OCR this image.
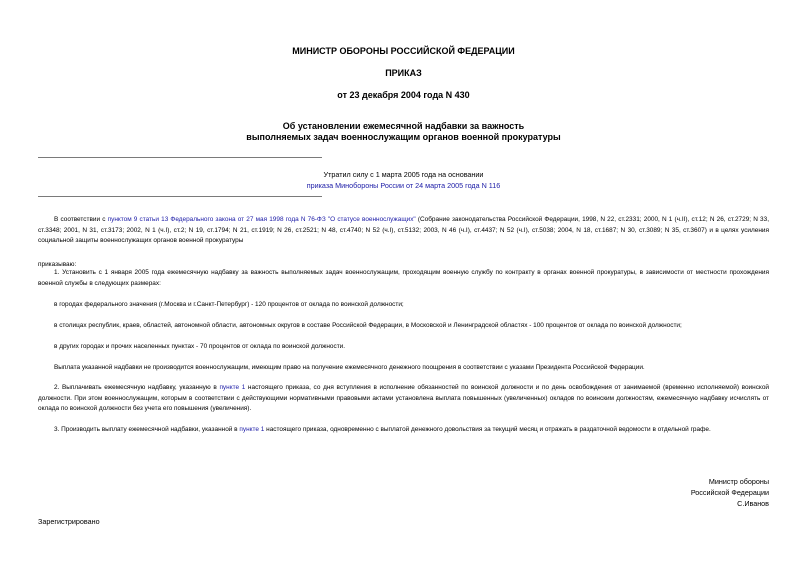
МИНИСТР ОБОРОНЫ РОССИЙСКОЙ ФЕДЕРАЦИИ
ПРИКАЗ
от 23 декабря 2004 года N 430
Об установлении ежемесячной надбавки за важность
выполняемых задач военнослужащим органов военной прокуратуры
Утратил силу с 1 марта 2005 года на основании
приказа Минобороны России от 24 марта 2005 года N 116

В соответствии с пунктом 9 статьи 13 Федерального закона от 27 мая 1998 года N 76-ФЗ "О статусе военнослужащих" (Собрание законодательства Российской Федерации, 1998, N 22, ст.2331; 2000, N 1 (ч.II), ст.12; N 26, ст.2729; N 33, ст.3348; 2001, N 31, ст.3173; 2002, N 1 (ч.I), ст.2; N 19, ст.1794; N 21, ст.1919; N 26, ст.2521; N 48, ст.4740; N 52 (ч.I), ст.5132; 2003, N 46 (ч.I), ст.4437; N 52 (ч.I), ст.5038; 2004, N 18, ст.1687; N 30, ст.3089; N 35, ст.3607) и в целях усиления социальной защиты военнослужащих органов военной прокуратуры

приказываю:

1. Установить с 1 января 2005 года ежемесячную надбавку за важность выполняемых задач военнослужащим, проходящим военную службу по контракту в органах военной прокуратуры, в зависимости от местности прохождения военной службы в следующих размерах:

в городах федерального значения (г.Москва и г.Санкт-Петербург) - 120 процентов от оклада по воинской должности;
в столицах республик, краев, областей, автономной области, автономных округов в составе Российской Федерации, в Московской и Ленинградской областях - 100 процентов от оклада по воинской должности;
в других городах и прочих населенных пунктах - 70 процентов от оклада по воинской должности.
Выплата указанной надбавки не производится военнослужащим, имеющим право на получение ежемесячного денежного поощрения в соответствии с указами Президента Российской Федерации.

2. Выплачивать ежемесячную надбавку, указанную в пункте 1 настоящего приказа, со дня вступления в исполнение обязанностей по воинской должности и по день освобождения от занимаемой (временно исполняемой) воинской должности. При этом военнослужащим, которым в соответствии с действующими нормативными правовыми актами установлена выплата повышенных (увеличенных) окладов по воинским должностям, ежемесячную надбавку исчислять от оклада по воинской должности без учета его повышения (увеличения).

3. Производить выплату ежемесячной надбавки, указанной в пункте 1 настоящего приказа, одновременно с выплатой денежного довольствия за текущий месяц и отражать в раздаточной ведомости в отдельной графе.

Министр обороны
Российской Федерации
С.Иванов
Зарегистрировано
